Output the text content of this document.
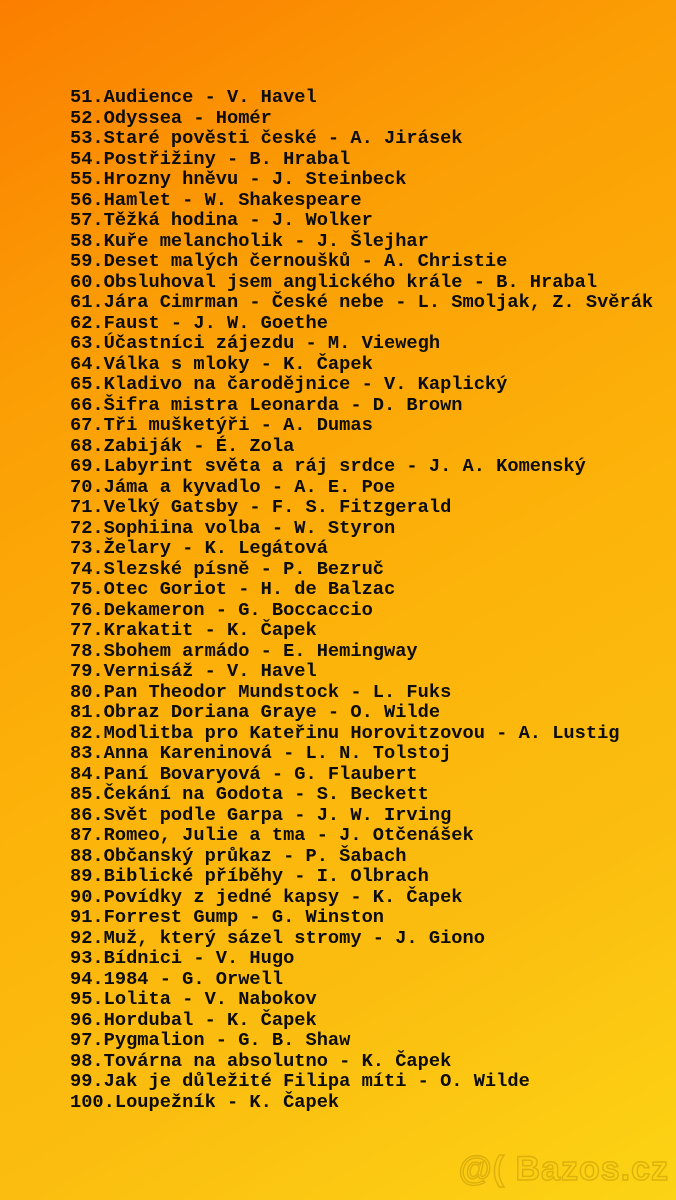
51.Audience - V. Havel
52.Odyssea - Homér
53.Staré pověsti české - A. Jirásek
54.Postřižiny - B. Hrabal
55.Hrozny hněvu - J. Steinbeck
56.Hamlet - W. Shakespeare
57.Těžká hodina - J. Wolker
58.Kuře melancholik - J. Šlejhar
59.Deset malých černoušků - A. Christie
60.Obsluhoval jsem anglického krále - B. Hrabal
61.Jára Cimrman - České nebe - L. Smoljak, Z. Svěrák
62.Faust - J. W. Goethe
63.Účastníci zájezdu - M. Viewegh
64.Válka s mloky - K. Čapek
65.Kladivo na čarodějnice - V. Kaplický
66.Šifra mistra Leonarda - D. Brown
67.Tři mušketýři - A. Dumas
68.Zabiják - É. Zola
69.Labyrint světa a ráj srdce - J. A. Komenský
70.Jáma a kyvadlo - A. E. Poe
71.Velký Gatsby - F. S. Fitzgerald
72.Sophiina volba - W. Styron
73.Želary - K. Legátová
74.Slezské písně - P. Bezruč
75.Otec Goriot - H. de Balzac
76.Dekameron - G. Boccaccio
77.Krakatit - K. Čapek
78.Sbohem armádo - E. Hemingway
79.Vernisáž - V. Havel
80.Pan Theodor Mundstock - L. Fuks
81.Obraz Doriana Graye - O. Wilde
82.Modlitba pro Kateřinu Horovitzovou - A. Lustig
83.Anna Kareninová - L. N. Tolstoj
84.Paní Bovaryová - G. Flaubert
85.Čekání na Godota - S. Beckett
86.Svět podle Garpa - J. W. Irving
87.Romeo, Julie a tma - J. Otčenášek
88.Občanský průkaz - P. Šabach
89.Biblické příběhy - I. Olbrach
90.Povídky z jedné kapsy - K. Čapek
91.Forrest Gump - G. Winston
92.Muž, který sázel stromy - J. Giono
93.Bídnici - V. Hugo
94.1984 - G. Orwell
95.Lolita - V. Nabokov
96.Hordubal - K. Čapek
97.Pygmalion - G. B. Shaw
98.Továrna na absolutno - K. Čapek
99.Jak je důležité Filipa míti - O. Wilde
100.Loupežník - K. Čapek
@( Bazos.cz
